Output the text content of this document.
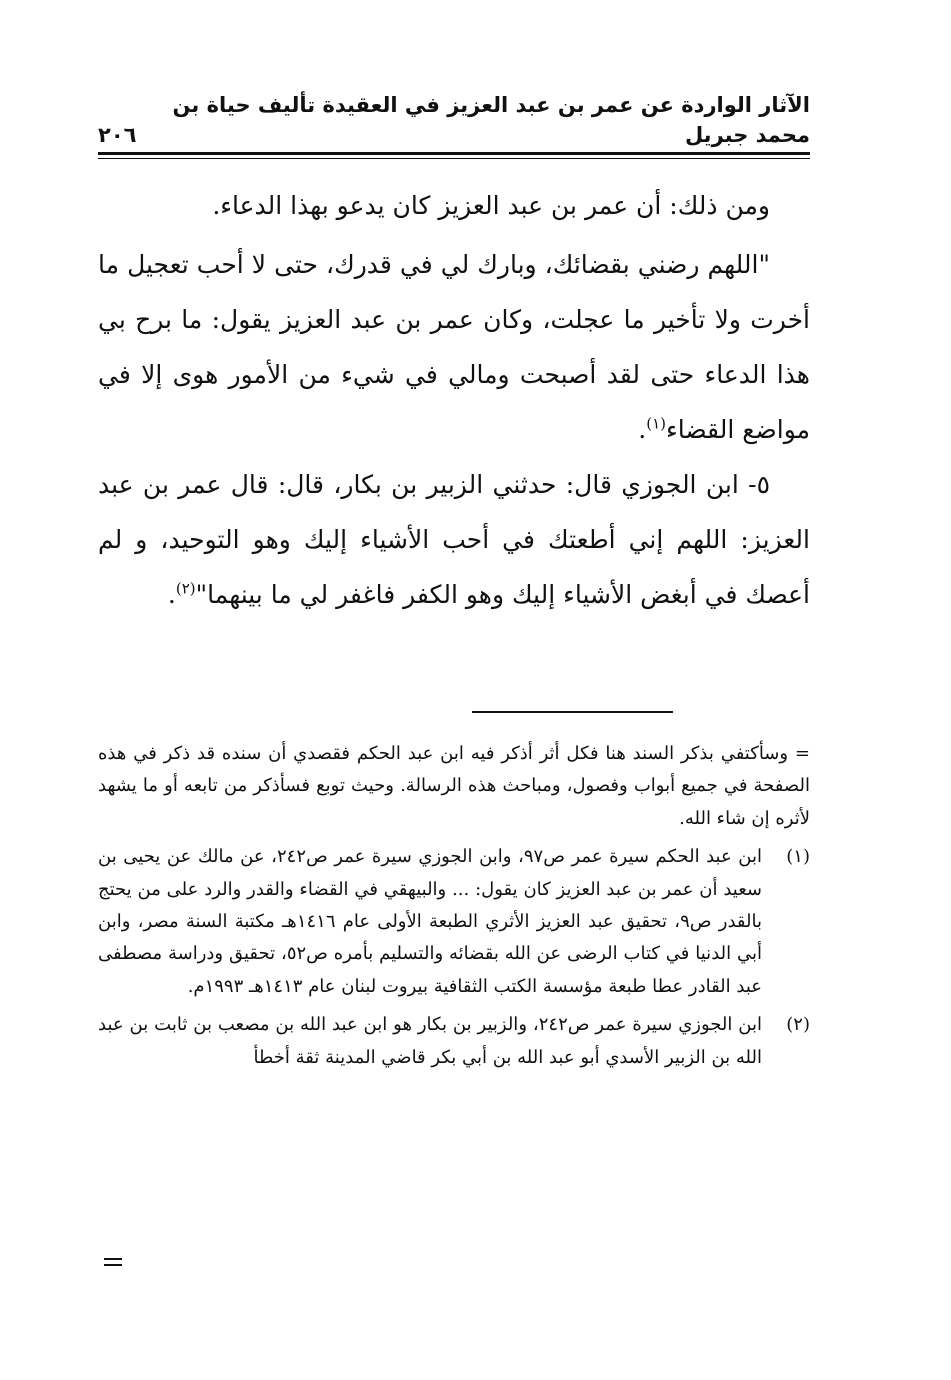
الآثار الواردة عن عمر بن عبد العزيز في العقيدة تأليف حياة بن محمد جبريل
٢٠٦

ومن ذلك: أن عمر بن عبد العزيز كان يدعو بهذا الدعاء.

"اللهم رضني بقضائك، وبارك لي في قدرك، حتى لا أحب تعجيل ما أخرت ولا تأخير ما عجلت، وكان عمر بن عبد العزيز يقول: ما برح بي هذا الدعاء حتى لقد أصبحت ومالي في شيء من الأمور هوى إلا في مواضع القضاء$^{(١)}$.

٥- ابن الجوزي قال: حدثني الزبير بن بكار، قال: قال عمر بن عبد العزيز: اللهم إني أطعتك في أحب الأشياء إليك وهو التوحيد، و لم أعصك في أبغض الأشياء إليك وهو الكفر فاغفر لي ما بينهما"$^{(٢)}$.

= وسأكتفي بذكر السند هنا فكل أثر أذكر فيه ابن عبد الحكم فقصدي أن سنده قد ذكر في هذه الصفحة في جميع أبواب وفصول، ومباحث هذه الرسالة. وحيث توبع فسأذكر من تابعه أو ما يشهد لأثره إن شاء الله.

(١)
ابن عبد الحكم سيرة عمر ص٩٧، وابن الجوزي سيرة عمر ص٢٤٢، عن مالك عن يحيى بن سعيد أن عمر بن عبد العزيز كان يقول: ... والبيهقي في القضاء والقدر والرد على من يحتج بالقدر ص٩، تحقيق عبد العزيز الأثري الطبعة الأولى عام ١٤١٦هـ مكتبة السنة مصر، وابن أبي الدنيا في كتاب الرضى عن الله بقضائه والتسليم بأمره ص٥٢، تحقيق ودراسة مصطفى عبد القادر عطا طبعة مؤسسة الكتب الثقافية بيروت لبنان عام ١٤١٣هـ ١٩٩٣م.

(٢)
ابن الجوزي سيرة عمر ص٢٤٢، والزبير بن بكار هو ابن عبد الله بن مصعب بن ثابت بن عبد الله بن الزبير الأسدي أبو عبد الله بن أبي بكر قاضي المدينة ثقة أخطأ
